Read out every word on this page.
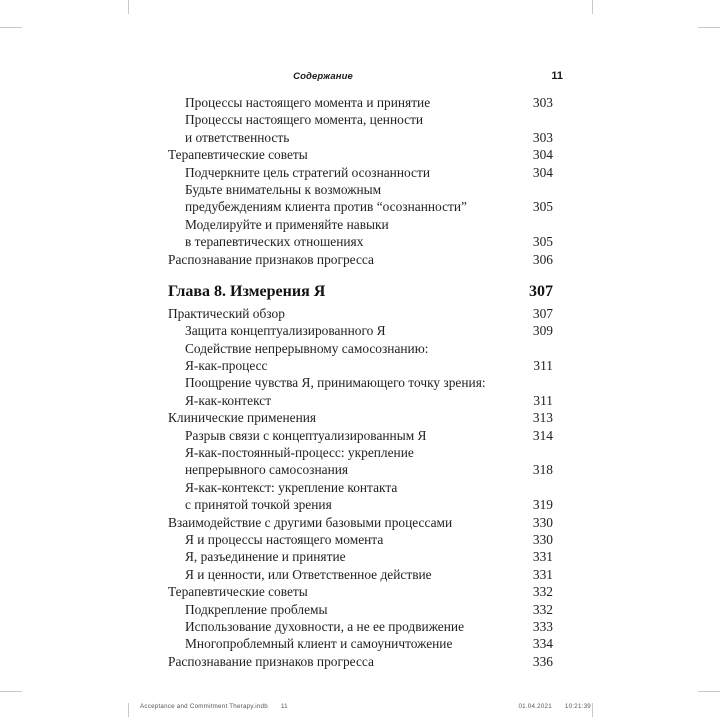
Содержание	11
Процессы настоящего момента и принятие	303
Процессы настоящего момента, ценности
и ответственность	303
Терапевтические советы	304
Подчеркните цель стратегий осознанности	304
Будьте внимательны к возможным
предубеждениям клиента против “осознанности”	305
Моделируйте и применяйте навыки
в терапевтических отношениях	305
Распознавание признаков прогресса	306
Глава 8. Измерения Я	307
Практический обзор	307
Защита концептуализированного Я	309
Содействие непрерывному самосознанию:
Я-как-процесс	311
Поощрение чувства Я, принимающего точку зрения:
Я-как-контекст	311
Клинические применения	313
Разрыв связи с концептуализированным Я	314
Я-как-постоянный-процесс: укрепление
непрерывного самосознания	318
Я-как-контекст: укрепление контакта
с принятой точкой зрения	319
Взаимодействие с другими базовыми процессами	330
Я и процессы настоящего момента	330
Я, разъединение и принятие	331
Я и ценности, или Ответственное действие	331
Терапевтические советы	332
Подкрепление проблемы	332
Использование духовности, а не ее продвижение	333
Многопроблемный клиент и самоуничтожение	334
Распознавание признаков прогресса	336
Acceptance and Commitment Therapy.indb 11	01.04.2021 10:21:39
